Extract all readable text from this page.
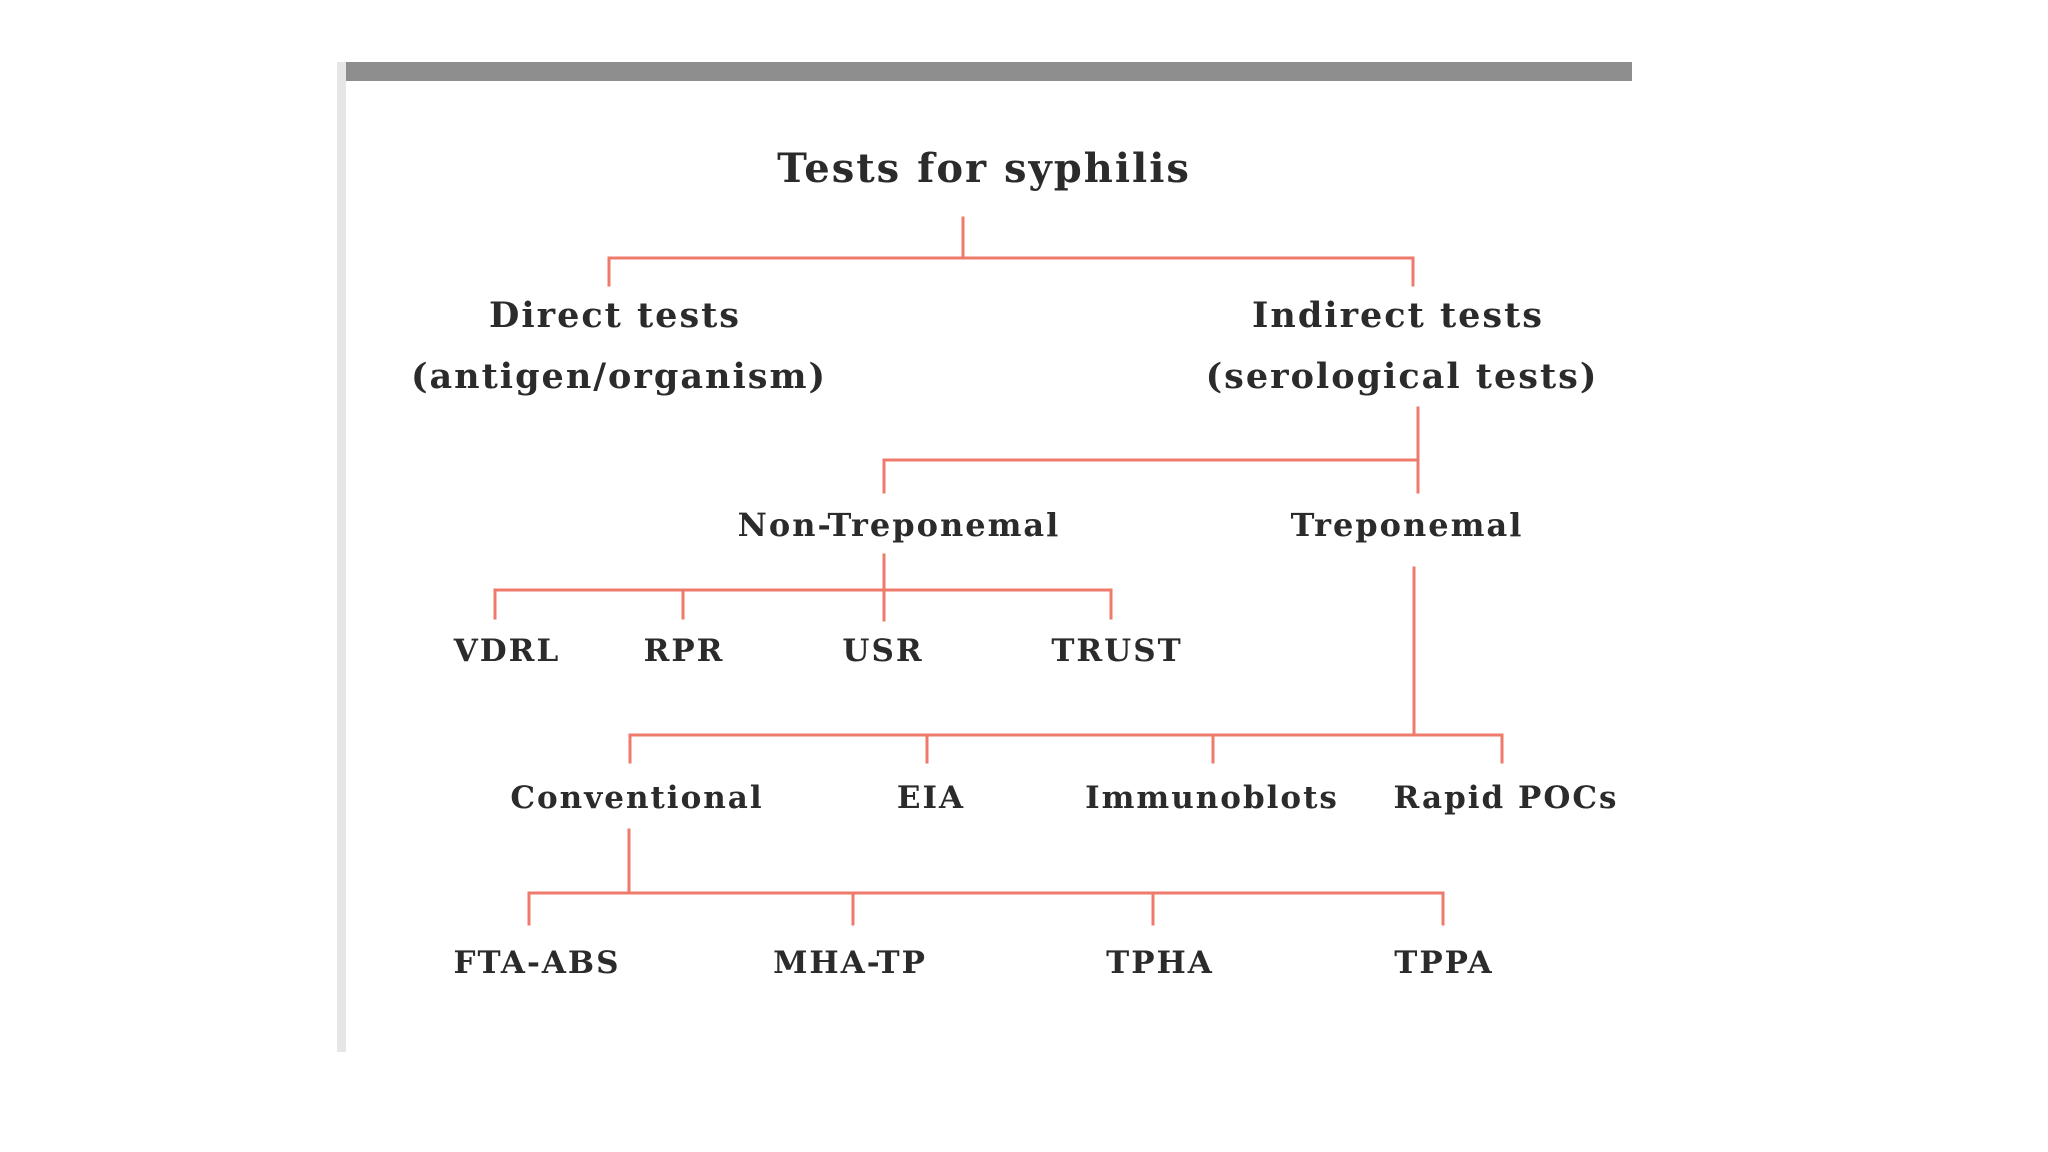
Tests for syphilis
Direct tests
(antigen/organism)
Indirect tests
(serological tests)
Non-Treponemal	Treponemal
VDRL	RPR	USR	TRUST
Conventional	EIA	Immunoblots Rapid POCs
FTA-ABS	MHA-TP	TPHA	TPPA
